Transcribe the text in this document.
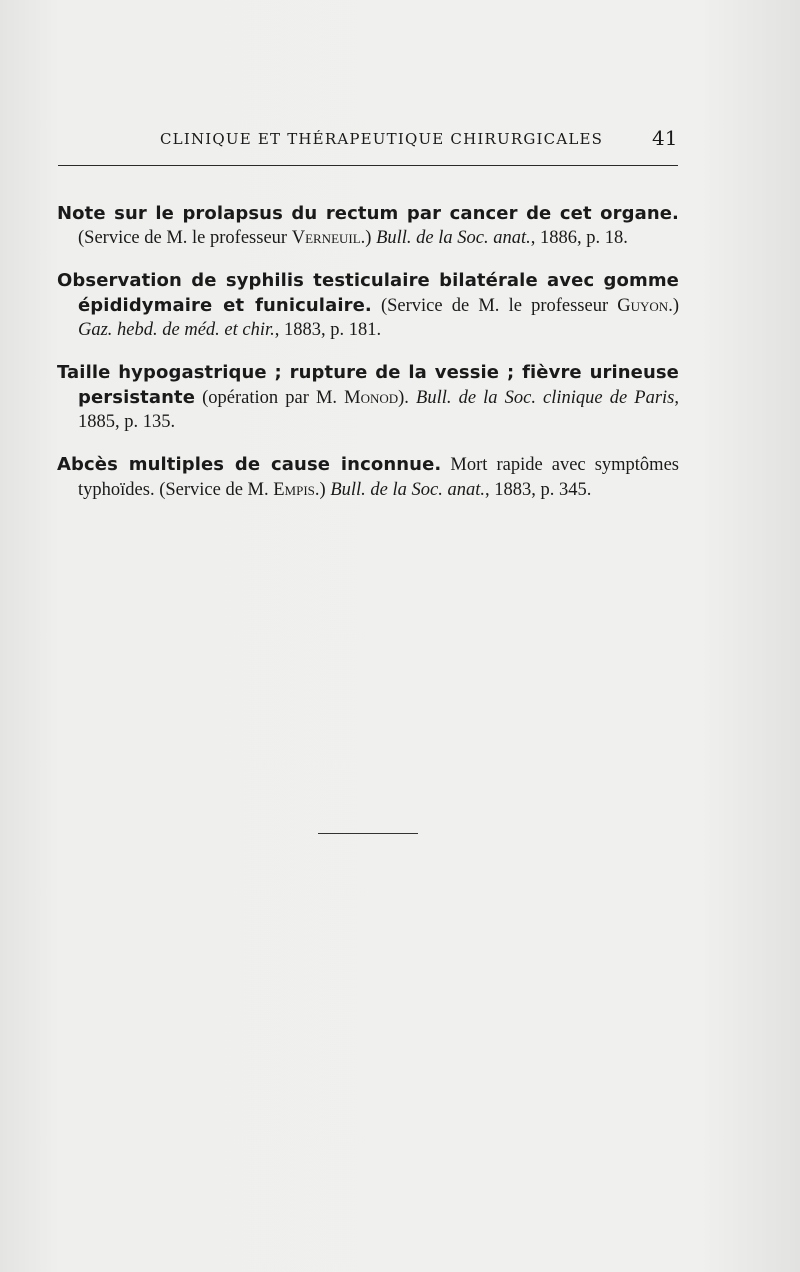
CLINIQUE ET THÉRAPEUTIQUE CHIRURGICALES	41

Note sur le prolapsus du rectum par cancer de cet organe. (Service de M. le professeur Verneuil.) Bull. de la Soc. anat., 1886, p. 18.

Observation de syphilis testiculaire bilatérale avec gomme épididymaire et funiculaire. (Service de M. le professeur Guyon.) Gaz. hebd. de méd. et chir., 1883, p. 181.

Taille hypogastrique ; rupture de la vessie ; fièvre urineuse persistante (opération par M. Monod). Bull. de la Soc. clinique de Paris, 1885, p. 135.

Abcès multiples de cause inconnue. Mort rapide avec symptômes typhoïdes. (Service de M. Empis.) Bull. de la Soc. anat., 1883, p. 345.
